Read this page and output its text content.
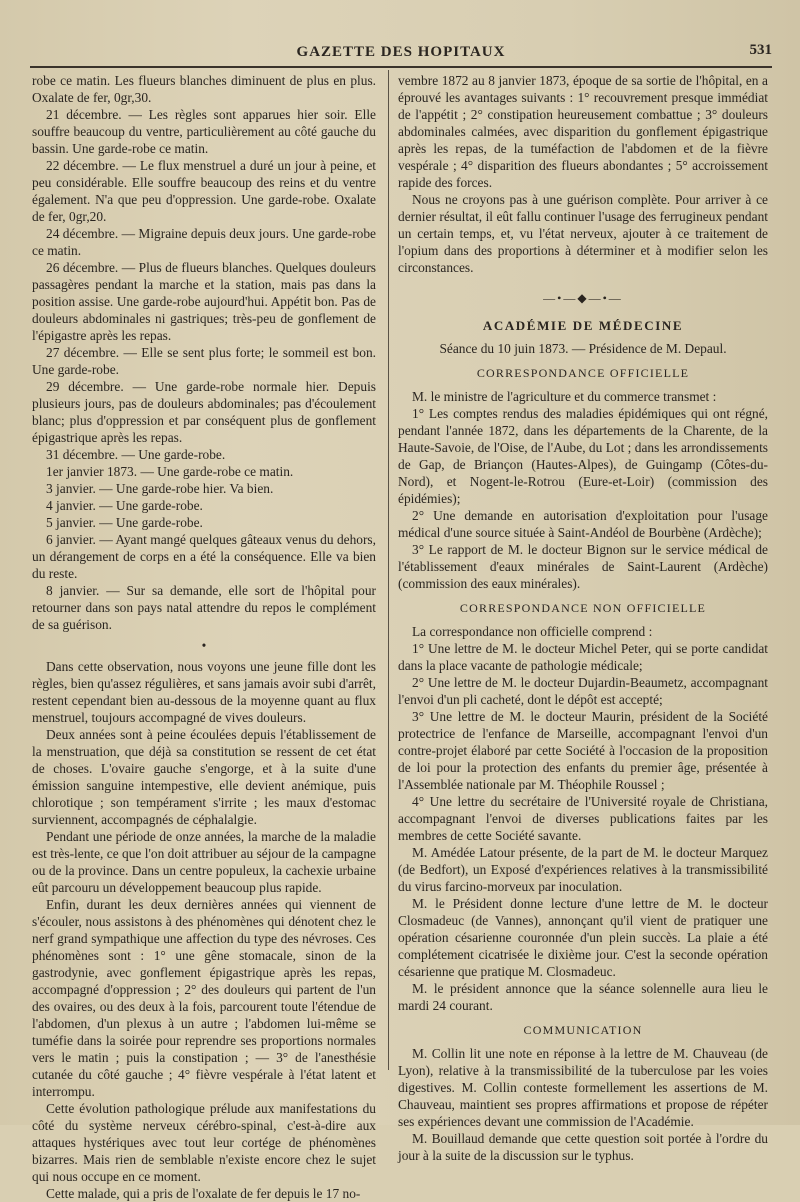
GAZETTE DES HOPITAUX	531

robe ce matin. Les flueurs blanches diminuent de plus en plus. Oxalate de fer, 0gr,30.

21 décembre. — Les règles sont apparues hier soir. Elle souffre beaucoup du ventre, particulièrement au côté gauche du bassin. Une garde-robe ce matin.

22 décembre. — Le flux menstruel a duré un jour à peine, et peu considérable. Elle souffre beaucoup des reins et du ventre également. N'a que peu d'oppression. Une garde-robe. Oxalate de fer, 0gr,20.

24 décembre. — Migraine depuis deux jours. Une garde-robe ce matin.

26 décembre. — Plus de flueurs blanches. Quelques douleurs passagères pendant la marche et la station, mais pas dans la position assise. Une garde-robe aujourd'hui. Appétit bon. Pas de douleurs abdominales ni gastriques; très-peu de gonflement de l'épigastre après les repas.

27 décembre. — Elle se sent plus forte; le sommeil est bon. Une garde-robe.

29 décembre. — Une garde-robe normale hier. Depuis plusieurs jours, pas de douleurs abdominales; pas d'écoulement blanc; plus d'oppression et par conséquent plus de gonflement épigastrique après les repas.

31 décembre. — Une garde-robe.

1er janvier 1873. — Une garde-robe ce matin.

3 janvier. — Une garde-robe hier. Va bien.

4 janvier. — Une garde-robe.

5 janvier. — Une garde-robe.

6 janvier. — Ayant mangé quelques gâteaux venus du dehors, un dérangement de corps en a été la conséquence. Elle va bien du reste.

8 janvier. — Sur sa demande, elle sort de l'hôpital pour retourner dans son pays natal attendre du repos le complément de sa guérison.

•

Dans cette observation, nous voyons une jeune fille dont les règles, bien qu'assez régulières, et sans jamais avoir subi d'arrêt, restent cependant bien au-dessous de la moyenne quant au flux menstruel, toujours accompagné de vives douleurs.

Deux années sont à peine écoulées depuis l'établissement de la menstruation, que déjà sa constitution se ressent de cet état de choses. L'ovaire gauche s'engorge, et à la suite d'une émission sanguine intempestive, elle devient anémique, puis chlorotique ; son tempérament s'irrite ; les maux d'estomac surviennent, accompagnés de céphalalgie.

Pendant une période de onze années, la marche de la maladie est très-lente, ce que l'on doit attribuer au séjour de la campagne ou de la province. Dans un centre populeux, la cachexie urbaine eût parcouru un développement beaucoup plus rapide.

Enfin, durant les deux dernières années qui viennent de s'écouler, nous assistons à des phénomènes qui dénotent chez le nerf grand sympathique une affection du type des névroses. Ces phénomènes sont : 1° une gêne stomacale, sinon de la gastrodynie, avec gonflement épigastrique après les repas, accompagné d'oppression ; 2° des douleurs qui partent de l'un des ovaires, ou des deux à la fois, parcourent toute l'étendue de l'abdomen, d'un plexus à un autre ; l'abdomen lui-même se tuméfie dans la soirée pour reprendre ses proportions normales vers le matin ; puis la constipation ; — 3° de l'anesthésie cutanée du côté gauche ; 4° fièvre vespérale à l'état latent et interrompu.

Cette évolution pathologique prélude aux manifestations du côté du système nerveux cérébro-spinal, c'est-à-dire aux attaques hystériques avec tout leur cortége de phénomènes bizarres. Mais rien de semblable n'existe encore chez le sujet qui nous occupe en ce moment.

Cette malade, qui a pris de l'oxalate de fer depuis le 17 no-

vembre 1872 au 8 janvier 1873, époque de sa sortie de l'hôpital, en a éprouvé les avantages suivants : 1° recouvrement presque immédiat de l'appétit ; 2° constipation heureusement combattue ; 3° douleurs abdominales calmées, avec disparition du gonflement épigastrique après les repas, de la tuméfaction de l'abdomen et de la fièvre vespérale ; 4° disparition des flueurs abondantes ; 5° accroissement rapide des forces.

Nous ne croyons pas à une guérison complète. Pour arriver à ce dernier résultat, il eût fallu continuer l'usage des ferrugineux pendant un certain temps, et, vu l'état nerveux, ajouter à ce traitement de l'opium dans des proportions à déterminer et à modifier selon les circonstances.

—•—◆—•—
ACADÉMIE DE MÉDECINE
Séance du 10 juin 1873. — Présidence de M. Depaul.
CORRESPONDANCE OFFICIELLE

M. le ministre de l'agriculture et du commerce transmet :

1° Les comptes rendus des maladies épidémiques qui ont régné, pendant l'année 1872, dans les départements de la Charente, de la Haute-Savoie, de l'Oise, de l'Aube, du Lot ; dans les arrondissements de Gap, de Briançon (Hautes-Alpes), de Guingamp (Côtes-du-Nord), et Nogent-le-Rotrou (Eure-et-Loir) (commission des épidémies);

2° Une demande en autorisation d'exploitation pour l'usage médical d'une source située à Saint-Andéol de Bourbène (Ardèche);

3° Le rapport de M. le docteur Bignon sur le service médical de l'établissement d'eaux minérales de Saint-Laurent (Ardèche) (commission des eaux minérales).

CORRESPONDANCE NON OFFICIELLE

La correspondance non officielle comprend :

1° Une lettre de M. le docteur Michel Peter, qui se porte candidat dans la place vacante de pathologie médicale;

2° Une lettre de M. le docteur Dujardin-Beaumetz, accompagnant l'envoi d'un pli cacheté, dont le dépôt est accepté;

3° Une lettre de M. le docteur Maurin, président de la Société protectrice de l'enfance de Marseille, accompagnant l'envoi d'un contre-projet élaboré par cette Société à l'occasion de la proposition de loi pour la protection des enfants du premier âge, présentée à l'Assemblée nationale par M. Théophile Roussel ;

4° Une lettre du secrétaire de l'Université royale de Christiana, accompagnant l'envoi de diverses publications faites par les membres de cette Société savante.

M. Amédée Latour présente, de la part de M. le docteur Marquez (de Bedfort), un Exposé d'expériences relatives à la transmissibilité du virus farcino-morveux par inoculation.

M. le Président donne lecture d'une lettre de M. le docteur Closmadeuc (de Vannes), annonçant qu'il vient de pratiquer une opération césarienne couronnée d'un plein succès. La plaie a été complétement cicatrisée le dixième jour. C'est la seconde opération césarienne que pratique M. Closmadeuc.

M. le président annonce que la séance solennelle aura lieu le mardi 24 courant.

COMMUNICATION

M. Collin lit une note en réponse à la lettre de M. Chauveau (de Lyon), relative à la transmissibilité de la tuberculose par les voies digestives. M. Collin conteste formellement les assertions de M. Chauveau, maintient ses propres affirmations et propose de répéter ses expériences devant une commission de l'Académie.

M. Bouillaud demande que cette question soit portée à l'ordre du jour à la suite de la discussion sur le typhus.
